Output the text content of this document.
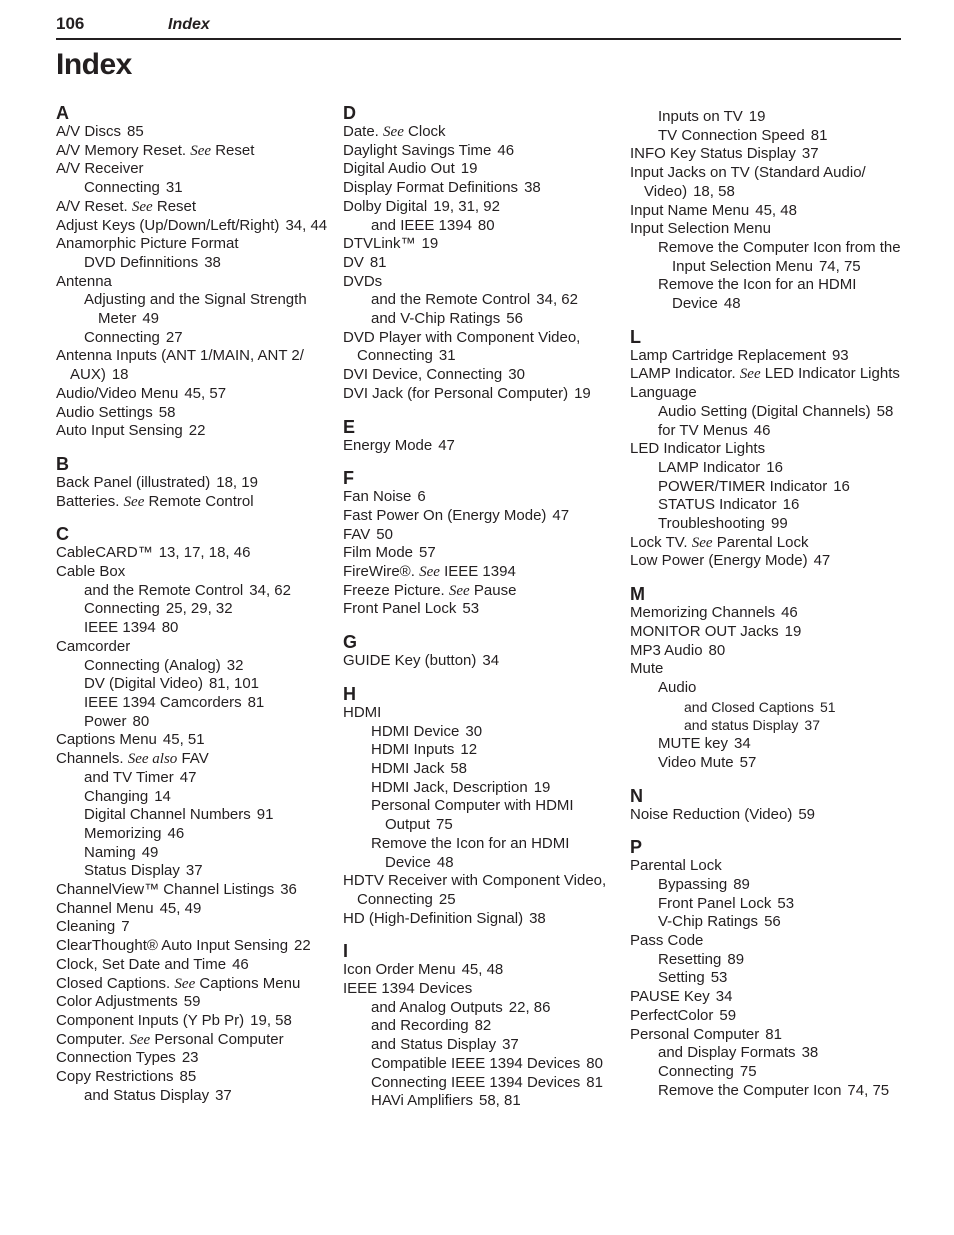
106	Index
Index
A
A/V Discs 85
A/V Memory Reset. See Reset
A/V Receiver
Connecting 31
A/V Reset. See Reset
Adjust Keys (Up/Down/Left/Right) 34, 44
Anamorphic Picture Format
DVD Definnitions 38
Antenna
Adjusting and the Signal Strength Meter 49
Connecting 27
Antenna Inputs (ANT 1/MAIN, ANT 2/ AUX) 18
Audio/Video Menu 45, 57
Audio Settings 58
Auto Input Sensing 22
B
Back Panel (illustrated) 18, 19
Batteries. See Remote Control
C
CableCARD™ 13, 17, 18, 46
Cable Box
and the Remote Control 34, 62
Connecting 25, 29, 32
IEEE 1394 80
Camcorder
Connecting (Analog) 32
DV (Digital Video) 81, 101
IEEE 1394 Camcorders 81
Power 80
Captions Menu 45, 51
Channels. See also FAV
and TV Timer 47
Changing 14
Digital Channel Numbers 91
Memorizing 46
Naming 49
Status Display 37
ChannelView™ Channel Listings 36
Channel Menu 45, 49
Cleaning 7
ClearThought® Auto Input Sensing 22
Clock, Set Date and Time 46
Closed Captions. See Captions Menu
Color Adjustments 59
Component Inputs (Y Pb Pr) 19, 58
Computer. See Personal Computer
Connection Types 23
Copy Restrictions 85
and Status Display 37
D
Date. See Clock
Daylight Savings Time 46
Digital Audio Out 19
Display Format Definitions 38
Dolby Digital 19, 31, 92
and IEEE 1394 80
DTVLink™ 19
DV 81
DVDs
and the Remote Control 34, 62
and V-Chip Ratings 56
DVD Player with Component Video, Connecting 31
DVI Device, Connecting 30
DVI Jack (for Personal Computer) 19
E
Energy Mode 47
F
Fan Noise 6
Fast Power On (Energy Mode) 47
FAV 50
Film Mode 57
FireWire®. See IEEE 1394
Freeze Picture. See Pause
Front Panel Lock 53
G
GUIDE Key (button) 34
H
HDMI
HDMI Device 30
HDMI Inputs 12
HDMI Jack 58
HDMI Jack, Description 19
Personal Computer with HDMI Output 75
Remove the Icon for an HDMI Device 48
HDTV Receiver with Component Video, Connecting 25
HD (High-Definition Signal) 38
I
Icon Order Menu 45, 48
IEEE 1394 Devices
and Analog Outputs 22, 86
and Recording 82
and Status Display 37
Compatible IEEE 1394 Devices 80
Connecting IEEE 1394 Devices 81
HAVi Amplifiers 58, 81
Inputs on TV 19
TV Connection Speed 81
INFO Key Status Display 37
Input Jacks on TV (Standard Audio/ Video) 18, 58
Input Name Menu 45, 48
Input Selection Menu
Remove the Computer Icon from the Input Selection Menu 74, 75
Remove the Icon for an HDMI Device 48
L
Lamp Cartridge Replacement 93
LAMP Indicator. See LED Indicator Lights
Language
Audio Setting (Digital Channels) 58
for TV Menus 46
LED Indicator Lights
LAMP Indicator 16
POWER/TIMER Indicator 16
STATUS Indicator 16
Troubleshooting 99
Lock TV. See Parental Lock
Low Power (Energy Mode) 47
M
Memorizing Channels 46
MONITOR OUT Jacks 19
MP3 Audio 80
Mute
Audio
and Closed Captions 51
and status Display 37
MUTE key 34
Video Mute 57
N
Noise Reduction (Video) 59
P
Parental Lock
Bypassing 89
Front Panel Lock 53
V-Chip Ratings 56
Pass Code
Resetting 89
Setting 53
PAUSE Key 34
PerfectColor 59
Personal Computer 81
and Display Formats 38
Connecting 75
Remove the Computer Icon 74, 75
